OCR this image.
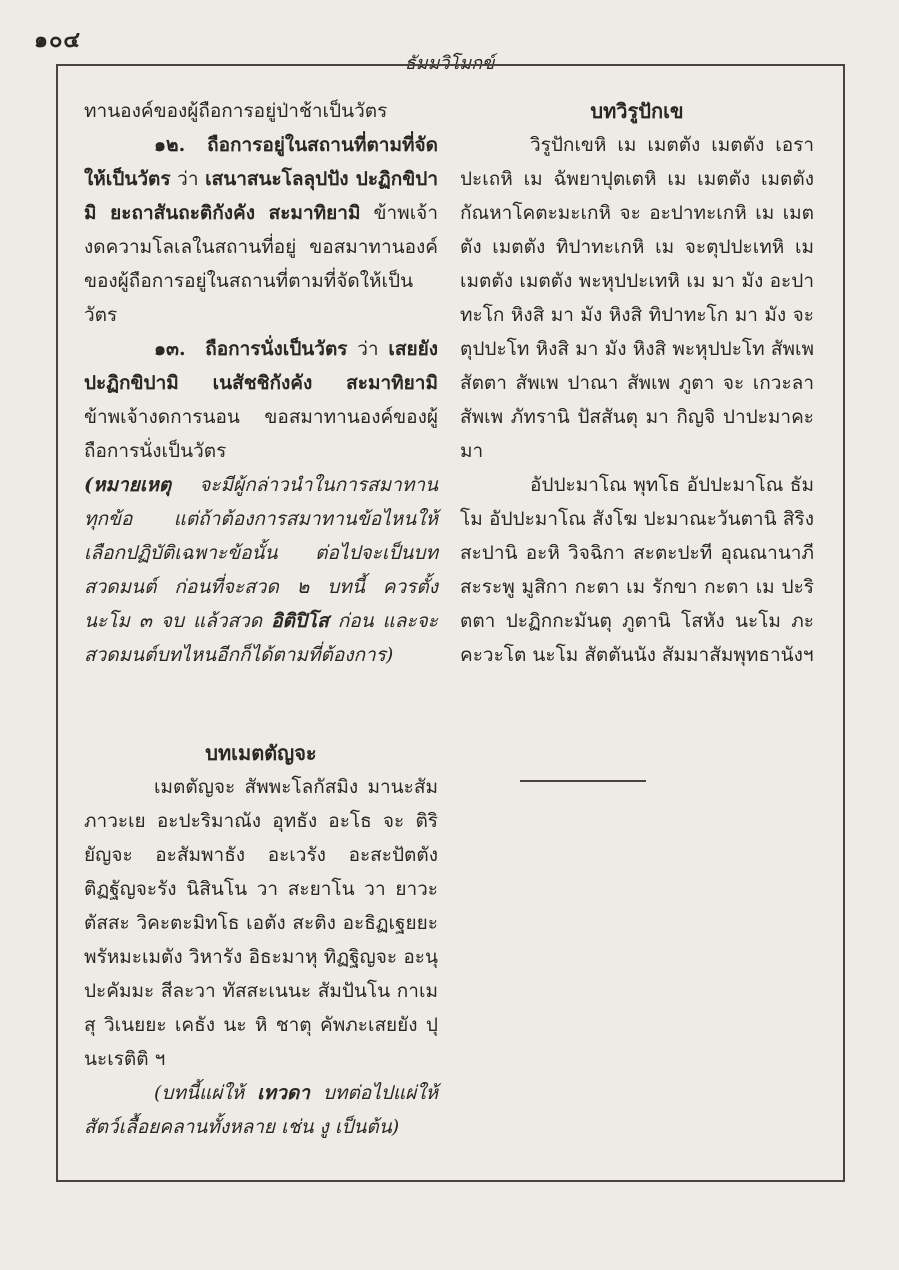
๑๐๔
ธัมมวิโมกข์

ทานองค์ของผู้ถือการอยู่ป่าช้าเป็นวัตร

๑๒. ถือการอยู่ในสถานที่ตามที่จัดให้เป็นวัตร ว่า เสนาสนะโลลุปปัง ปะฏิกขิปามิ ยะถาสันถะติกังคัง สะมาทิยามิ ข้าพเจ้างดความโลเลในสถานที่อยู่ ขอสมาทานองค์ของผู้ถือการอยู่ในสถานที่ตามที่จัดให้เป็นวัตร

๑๓. ถือการนั่งเป็นวัตร ว่า เสยยัง ปะฏิกขิปามิ เนสัชชิกังคัง สะมาทิยามิ ข้าพเจ้างดการนอน ขอสมาทานองค์ของผู้ถือการนั่งเป็นวัตร

(หมายเหตุ จะมีผู้กล่าวนำในการสมาทานทุกข้อ แต่ถ้าต้องการสมาทานข้อไหนให้เลือกปฏิบัติเฉพาะข้อนั้น ต่อไปจะเป็นบทสวดมนต์ ก่อนที่จะสวด ๒ บทนี้ ควรตั้ง นะโม ๓ จบ แล้วสวด อิติปิโส ก่อน และจะสวดมนต์บทไหนอีกก็ได้ตามที่ต้องการ)

บทเมตตัญจะ

เมตตัญจะ สัพพะโลกัสมิง มานะสัมภาวะเย อะปะริมาณัง อุทธัง อะโธ จะ ติริยัญจะ อะสัมพาธัง อะเวรัง อะสะปัตตัง ติฏฐัญจะรัง นิสินโน วา สะยาโน วา ยาวะตัสสะ วิคะตะมิทโธ เอตัง สะติง อะธิฏเฐยยะ พรัหมะเมตัง วิหารัง อิธะมาหุ ทิฏฐิญจะ อะนุปะคัมมะ สีละวา ทัสสะเนนะ สัมปันโน กาเมสุ วิเนยยะ เคธัง นะ หิ ชาตุ คัพภะเสยยัง ปุนะเรติติ ฯ

(บทนี้แผ่ให้ เทวดา บทต่อไปแผ่ให้สัตว์เลื้อยคลานทั้งหลาย เช่น งู เป็นต้น)

บทวิรูปักเข

วิรูปักเขหิ เม เมตตัง เมตตัง เอราปะเถหิ เม ฉัพยาปุตเตหิ เม เมตตัง เมตตัง กัณหาโคตะมะเกหิ จะ อะปาทะเกหิ เม เมตตัง เมตตัง ทิปาทะเกหิ เม จะตุปปะเทหิ เม เมตตัง เมตตัง พะหุปปะเทหิ เม มา มัง อะปาทะโก หิงสิ มา มัง หิงสิ ทิปาทะโก มา มัง จะ ตุปปะโท หิงสิ มา มัง หิงสิ พะหุปปะโท สัพเพ สัตตา สัพเพ ปาณา สัพเพ ภูตา จะ เกวะลา สัพเพ ภัทรานิ ปัสสันตุ มา กิญจิ ปาปะมาคะมา

อัปปะมาโณ พุทโธ อัปปะมาโณ ธัมโม อัปปะมาโณ สังโฆ ปะมาณะวันตานิ สิริงสะปานิ อะหิ วิจฉิกา สะตะปะที อุณณานาภี สะระพู มูสิกา กะตา เม รักขา กะตา เม ปะริตตา ปะฏิกกะมันตุ ภูตานิ โสหัง นะโม ภะคะวะโต นะโม สัตตันนัง สัมมาสัมพุทธานังฯ
